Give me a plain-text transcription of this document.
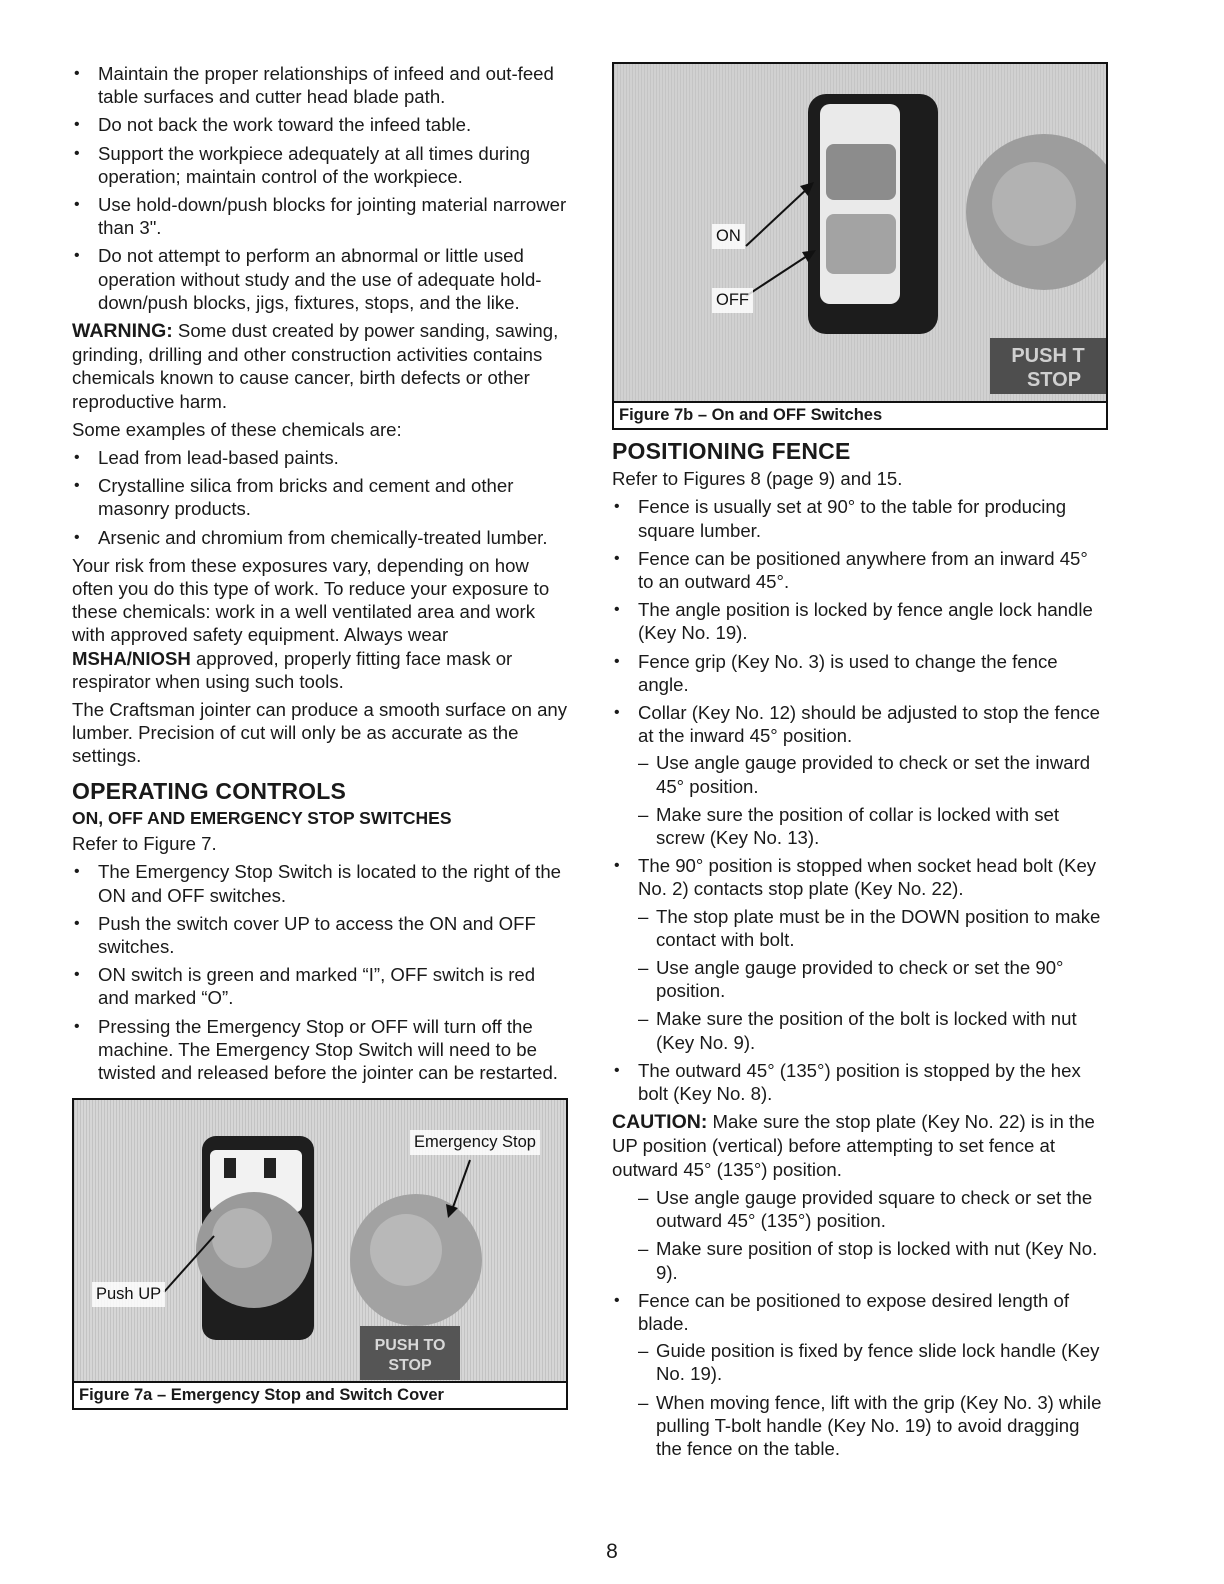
• Maintain the proper relationships of infeed and out-feed table surfaces and cutter head blade path.
• Do not back the work toward the infeed table.
• Support the workpiece adequately at all times during operation; maintain control of the workpiece.
• Use hold-down/push blocks for jointing material narrower than 3".
• Do not attempt to perform an abnormal or little used operation without study and the use of adequate hold-down/push blocks, jigs, fixtures, stops, and the like.

WARNING: Some dust created by power sanding, sawing, grinding, drilling and other construction activities contains chemicals known to cause cancer, birth defects or other reproductive harm.

Some examples of these chemicals are:

• Lead from lead-based paints.
• Crystalline silica from bricks and cement and other masonry products.
• Arsenic and chromium from chemically-treated lumber.

Your risk from these exposures vary, depending on how often you do this type of work. To reduce your exposure to these chemicals: work in a well ventilated area and work with approved safety equipment. Always wear MSHA/NIOSH approved, properly fitting face mask or respirator when using such tools.

The Craftsman jointer can produce a smooth surface on any lumber. Precision of cut will only be as accurate as the settings.

OPERATING CONTROLS
ON, OFF AND EMERGENCY STOP SWITCHES

Refer to Figure 7.

• The Emergency Stop Switch is located to the right of the ON and OFF switches.
• Push the switch cover UP to access the ON and OFF switches.
• ON switch is green and marked “I”, OFF switch is red and marked “O”.
• Pressing the Emergency Stop or OFF will turn off the machine. The Emergency Stop Switch will need to be twisted and released before the jointer can be restarted.
PUSH TO
STOP
Emergency Stop
Push UP
Figure 7a – Emergency Stop and Switch Cover
PUSH T
STOP
ON
OFF
Figure 7b – On and OFF Switches
POSITIONING FENCE

Refer to Figures 8 (page 9) and 15.

• Fence is usually set at 90° to the table for producing square lumber.
• Fence can be positioned anywhere from an inward 45° to an outward 45°.
• The angle position is locked by fence angle lock handle (Key No. 19).
• Fence grip (Key No. 3) is used to change the fence angle.
• Collar (Key No. 12) should be adjusted to stop the fence at the inward 45° position.
– Use angle gauge provided to check or set the inward 45° position.
– Make sure the position of collar is locked with set screw (Key No. 13).
• The 90° position is stopped when socket head bolt (Key No. 2) contacts stop plate (Key No. 22).
– The stop plate must be in the DOWN position to make contact with bolt.
– Use angle gauge provided to check or set the 90° position.
– Make sure the position of the bolt is locked with nut (Key No. 9).
• The outward 45° (135°) position is stopped by the hex bolt (Key No. 8).

CAUTION: Make sure the stop plate (Key No. 22) is in the UP position (vertical) before attempting to set fence at outward 45° (135°) position.

– Use angle gauge provided square to check or set the outward 45° (135°) position.
– Make sure position of stop is locked with nut (Key No. 9).
• Fence can be positioned to expose desired length of blade.
– Guide position is fixed by fence slide lock handle (Key No. 19).
– When moving fence, lift with the grip (Key No. 3) while pulling T-bolt handle (Key No. 19) to avoid dragging the fence on the table.
8
